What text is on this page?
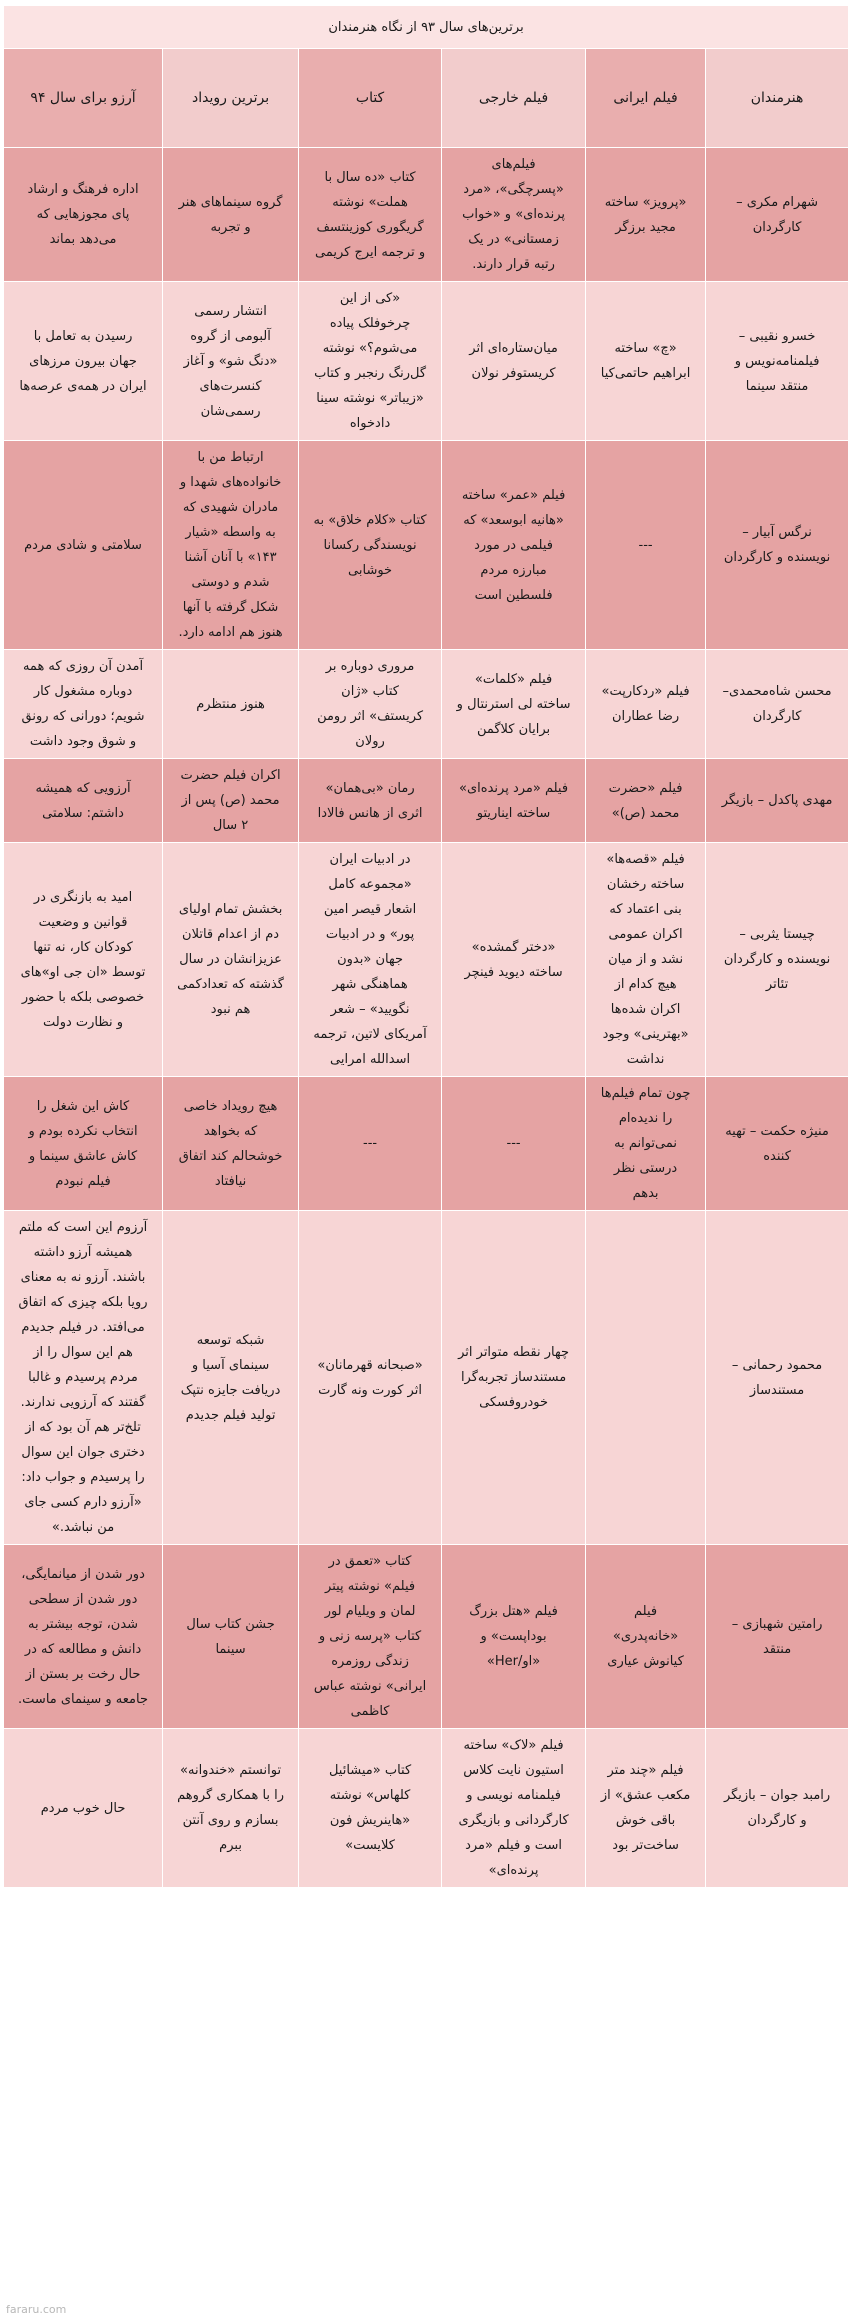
برترین‌های سال ۹۳ از نگاه هنرمندان					
هنرمندان	فیلم ایرانی	فیلم خارجی	کتاب	برترین رویداد	آرزو برای سال ۹۴
شهرام مکری – کارگردان	«پرویز» ساخته مجید برزگر	فیلم‌های «پسرچگی»، «مرد پرنده‌ای» و «خواب زمستانی» در یک رتبه قرار دارند.	کتاب «ده سال با هملت» نوشته گریگوری کوزینتسف و ترجمه ایرج کریمی	گروه سینماهای هنر و تجربه	اداره فرهنگ و ارشاد پای مجوزهایی که می‌دهد بماند
خسرو نقیبی – فیلمنامه‌نویس و منتقد سینما	«چ» ساخته ابراهیم حاتمی‌کیا	میان‌ستاره‌ای اثر کریستوفر نولان	«کی از این چرخوفلک پیاده می‌شوم؟» نوشته گل‌رنگ رنجبر و کتاب «زیباتر» نوشته سینا دادخواه	انتشار رسمی آلبومی از گروه «دنگ شو» و آغاز کنسرت‌های رسمی‌شان	رسیدن به تعامل با جهان بیرون مرزهای ایران در همه‌ی عرصه‌ها
نرگس آبیار – نویسنده و کارگردان	---	فیلم «عمر» ساخته «هانیه ابوسعد» که فیلمی در مورد مبارزه مردم فلسطین است	کتاب «کلام خلاق» به نویسندگی رکسانا خوشابی	ارتباط من با خانواده‌های شهدا و مادران شهیدی که به واسطه «شیار ۱۴۳» با آنان آشنا شدم و دوستی شکل گرفته با آنها هنوز هم ادامه دارد.	سلامتی و شادی مردم
محسن شاه‌محمدی– کارگردان	فیلم «ردکارپت» رضا عطاران	فیلم «کلمات» ساخته لی استرنتال و برایان کلاگمن	مروری دوباره بر کتاب «ژان کریستف» اثر رومن رولان	هنوز منتظرم	آمدن آن روزی که همه دوباره مشغول کار شویم؛ دورانی که رونق و شوق وجود داشت
مهدی پاکدل – بازیگر	فیلم «حضرت محمد (ص)»	فیلم «مرد پرنده‌ای» ساخته ایناریتو	رمان «بی‌همان» اثری از هانس فالادا	اکران فیلم حضرت محمد (ص) پس از ۲ سال	آرزویی که همیشه داشتم: سلامتی
چیستا یثربی – نویسنده و کارگردان تئاتر	فیلم «قصه‌ها» ساخته رخشان بنی اعتماد که اکران عمومی نشد و از میان هیچ کدام از اکران شده‌ها «بهترینی» وجود نداشت	«دختر گمشده» ساخته دیوید فینچر	در ادبیات ایران «مجموعه کامل اشعار قیصر امین پور» و در ادبیات جهان «بدون هماهنگی شهر نگویید» – شعر آمریکای لاتین، ترجمه اسدالله امرایی	بخشش تمام اولیای دم از اعدام قاتلان عزیزانشان در سال گذشته که تعدادکمی هم نبود	امید به بازنگری در قوانین و وضعیت کودکان کار، نه تنها توسط «ان جی او»های خصوصی بلکه با حضور و نظارت دولت
منیژه حکمت – تهیه کننده	چون تمام فیلم‌ها را ندیده‌ام نمی‌توانم به درستی نظر بدهم	---	---	هیچ رویداد خاصی که بخواهد خوشحالم کند اتفاق نیافتاد	کاش این شغل را انتخاب نکرده بودم و کاش عاشق سینما و فیلم نبودم
محمود رحمانی – مستندساز		چهار نقطه متواتر اثر مستندساز تجربه‌گرا خودروفسکی	«صبحانه قهرمانان» اثر کورت ونه گارت	شبکه توسعه سینمای آسیا و دریافت جایزه نتپک تولید فیلم جدیدم	آرزوم این است که ملتم همیشه آرزو داشته باشند. آرزو نه به معنای رویا بلکه چیزی که اتفاق می‌افتد. در فیلم جدیدم هم این سوال را از مردم پرسیدم و غالبا گفتند که آرزویی ندارند. تلخ‌تر هم آن بود که از دختری جوان این سوال را پرسیدم و جواب داد: «آرزو دارم کسی جای من نباشد.»
رامتین شهبازی – منتقد	فیلم «خانه‌پدری» کیانوش عیاری	فیلم «هتل بزرگ بوداپست» و «او/Her»	کتاب «تعمق در فیلم» نوشته پیتر لمان و ویلیام لور کتاب «پرسه زنی و زندگی روزمره ایرانی» نوشته عباس کاظمی	جشن کتاب سال سینما	دور شدن از میانمایگی، دور شدن از سطحی شدن، توجه بیشتر به دانش و مطالعه که در حال رخت بر بستن از جامعه و سینمای ماست.
رامبد جوان – بازیگر و کارگردان	فیلم «چند متر مکعب عشق» از باقی خوش ساخت‌تر بود	فیلم «لاک» ساخته استیون نایت کلاس فیلمنامه نویسی و کارگردانی و بازیگری است و فیلم «مرد پرنده‌ای»	کتاب «میشائیل کلهاس» نوشته «هاینریش فون کلایست»	توانستم «خندوانه» را با همکاری گروهم بسازم و روی آنتن ببرم	حال خوب مردم
fararu.com
